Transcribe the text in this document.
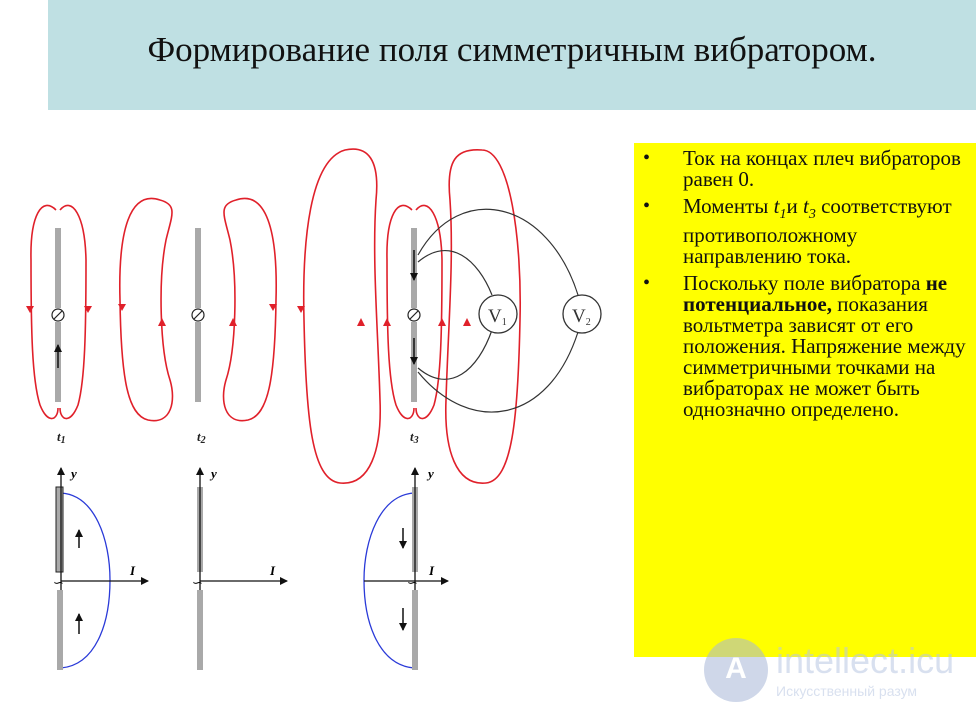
Формирование поля симметричным вибратором.
t1	t2
V1	V2
t3
y
I
∽
y
I
∽
y
I
∽
• Ток на концах плеч вибраторов равен 0.
• Моменты $t_1и$ $t_3$ соответствуют противоположному направлению тока.
• Поскольку поле вибратора не потенциальное, показания вольтметра зависят от его положения. Напряжение между симметричными точками на вибраторах не может быть однозначно определено.
A intellect.icu
Искусственный разум
